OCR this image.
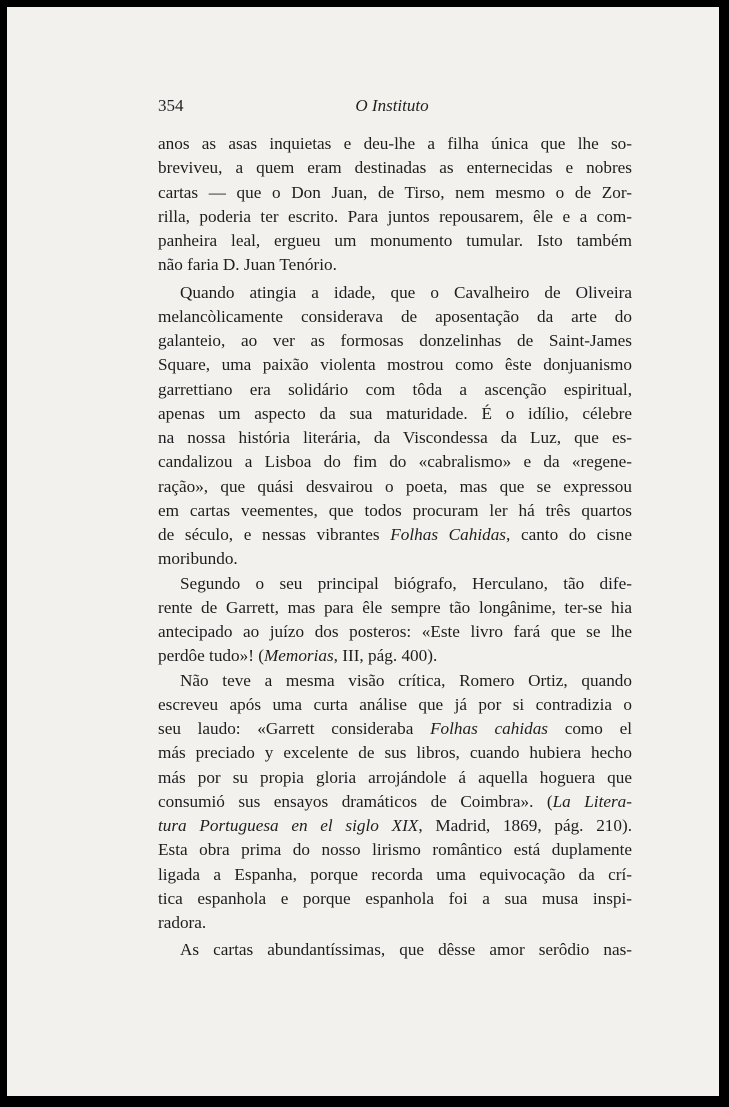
354	O Instituto
anos as asas inquietas e deu-lhe a filha única que lhe so-
breviveu, a quem eram destinadas as enternecidas e nobres
cartas — que o Don Juan, de Tirso, nem mesmo o de Zor-
rilla, poderia ter escrito. Para juntos repousarem, êle e a com-
panheira leal, ergueu um monumento tumular. Isto também
não faria D. Juan Tenório.
Quando atingia a idade, que o Cavalheiro de Oliveira
melancòlicamente considerava de aposentação da arte do
galanteio, ao ver as formosas donzelinhas de Saint-James
Square, uma paixão violenta mostrou como êste donjuanismo
garrettiano era solidário com tôda a ascenção espiritual,
apenas um aspecto da sua maturidade. É o idílio, célebre
na nossa história literária, da Viscondessa da Luz, que es-
candalizou a Lisboa do fim do «cabralismo» e da «regene-
ração», que quási desvairou o poeta, mas que se expressou
em cartas veementes, que todos procuram ler há três quartos
de século, e nessas vibrantes Folhas Cahidas, canto do cisne
moribundo.
Segundo o seu principal biógrafo, Herculano, tão dife-
rente de Garrett, mas para êle sempre tão longânime, ter-se hia
antecipado ao juízo dos posteros: «Este livro fará que se lhe
perdôe tudo»! (Memorias, III, pág. 400).
Não teve a mesma visão crítica, Romero Ortiz, quando
escreveu após uma curta análise que já por si contradizia o
seu laudo: «Garrett consideraba Folhas cahidas como el
más preciado y excelente de sus libros, cuando hubiera hecho
más por su propia gloria arrojándole á aquella hoguera que
consumió sus ensayos dramáticos de Coimbra». (La Litera-
tura Portuguesa en el siglo XIX, Madrid, 1869, pág. 210).
Esta obra prima do nosso lirismo romântico está duplamente
ligada a Espanha, porque recorda uma equivocação da crí-
tica espanhola e porque espanhola foi a sua musa inspi-
radora.
As cartas abundantíssimas, que dêsse amor serôdio nas-
